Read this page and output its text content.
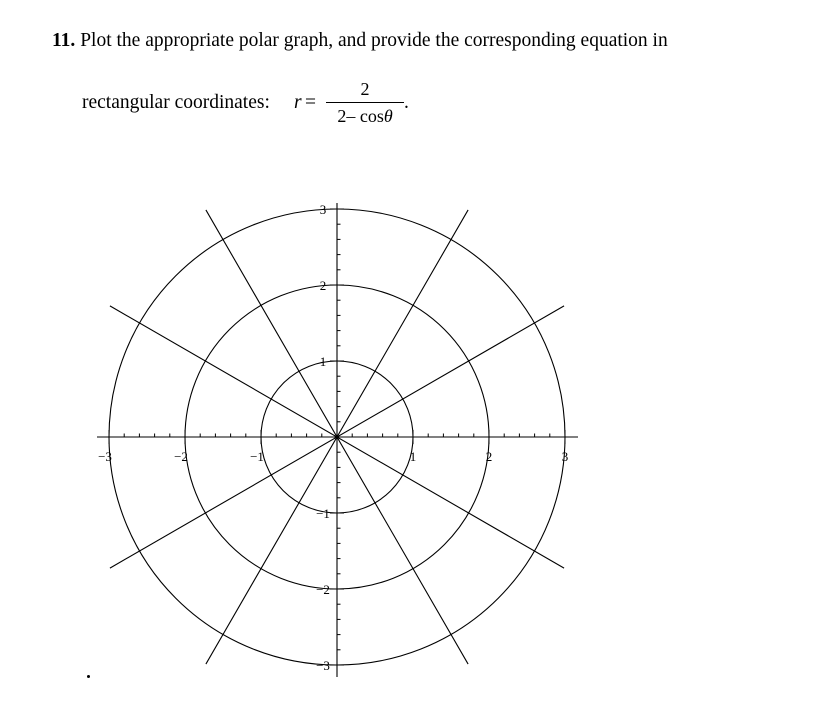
11. Plot the appropriate polar graph, and provide the corresponding equation in
rectangular coordinates: r =
2
2– cosθ
.
−3	−2	−1	1	2	3
3
2
1
−1
−2
−3
